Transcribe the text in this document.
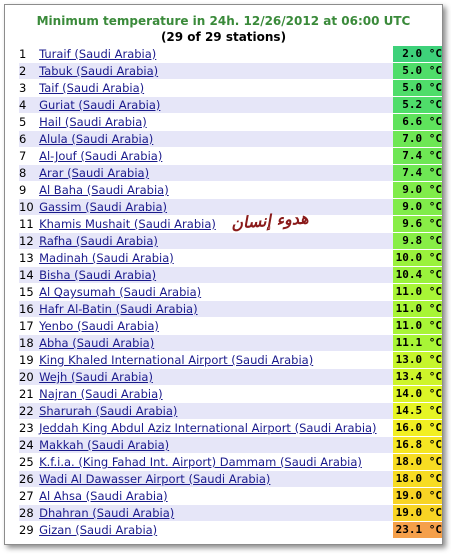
Minimum temperature in 24h. 12/26/2012 at 06:00 UTC
(29 of 29 stations)
1	Turaif (Saudi Arabia)	2.0 °C
2	Tabuk (Saudi Arabia)	5.0 °C
3	Taif (Saudi Arabia)	5.0 °C
4	Guriat (Saudi Arabia)	5.2 °C
5	Hail (Saudi Arabia)	6.6 °C
6	Alula (Saudi Arabia)	7.0 °C
7	Al-Jouf (Saudi Arabia)	7.4 °C
8	Arar (Saudi Arabia)	7.4 °C
9	Al Baha (Saudi Arabia)	9.0 °C
10	Gassim (Saudi Arabia)	9.0 °C
11	Khamis Mushait (Saudi Arabia)	9.6 °C
12	Rafha (Saudi Arabia)	9.8 °C
13	Madinah (Saudi Arabia)	10.0 °C
14	Bisha (Saudi Arabia)	10.4 °C
15	Al Qaysumah (Saudi Arabia)	11.0 °C
16	Hafr Al-Batin (Saudi Arabia)	11.0 °C
17	Yenbo (Saudi Arabia)	11.0 °C
18	Abha (Saudi Arabia)	11.1 °C
19	King Khaled International Airport (Saudi Arabia)	13.0 °C
20	Wejh (Saudi Arabia)	13.4 °C
21	Najran (Saudi Arabia)	14.0 °C
22	Sharurah (Saudi Arabia)	14.5 °C
23	Jeddah King Abdul Aziz International Airport (Saudi Arabia)	16.0 °C
24	Makkah (Saudi Arabia)	16.8 °C
25	K.f.i.a. (King Fahad Int. Airport) Dammam (Saudi Arabia)	18.0 °C
26	Wadi Al Dawasser Airport (Saudi Arabia)	18.0 °C
27	Al Ahsa (Saudi Arabia)	19.0 °C
28	Dhahran (Saudi Arabia)	19.0 °C
29	Gizan (Saudi Arabia)	23.1 °C
هدوء إنسان
